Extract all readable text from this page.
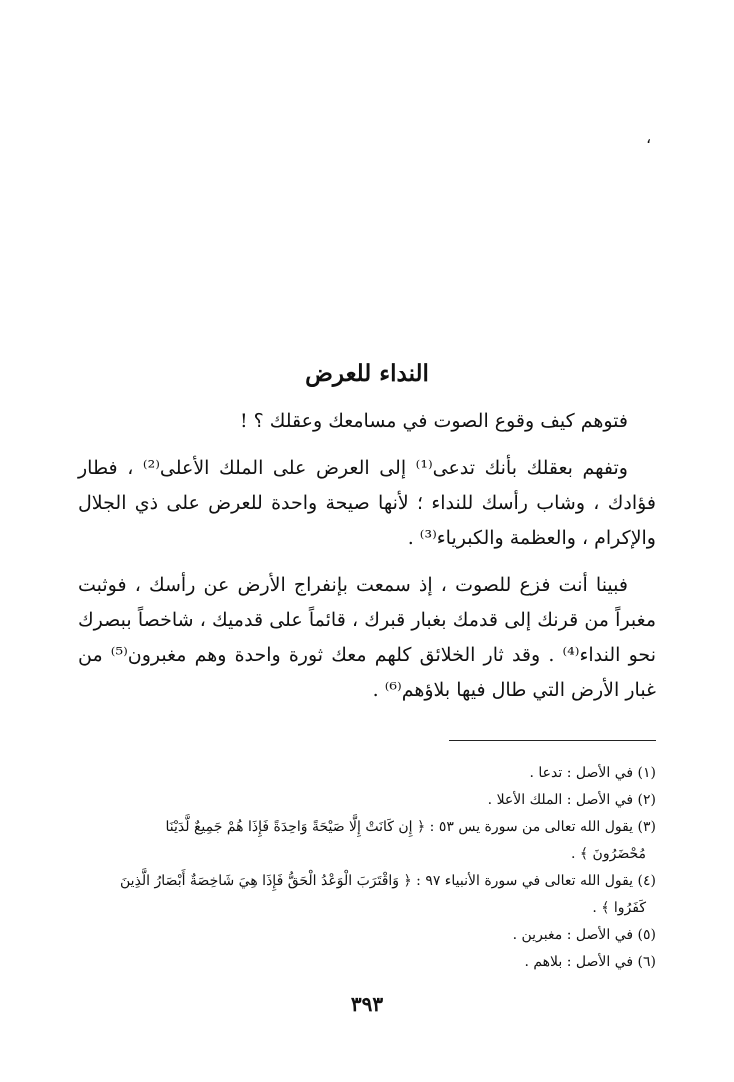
،
النداء للعرض

فتوهم كيف وقوع الصوت في مسامعك وعقلك ؟ !

وتفهم بعقلك بأنك تدعى⁽¹⁾ إلى العرض على الملك الأعلى⁽²⁾ ، فطار فؤادك ، وشاب رأسك للنداء ؛ لأنها صيحة واحدة للعرض على ذي الجلال والإكرام ، والعظمة والكبرياء⁽³⁾ .

فبينا أنت فزع للصوت ، إذ سمعت بإنفراج الأرض عن رأسك ، فوثبت مغبراً من قرنك إلى قدمك بغبار قبرك ، قائماً على قدميك ، شاخصاً ببصرك نحو النداء⁽⁴⁾ . وقد ثار الخلائق كلهم معك ثورة واحدة وهم مغبرون⁽⁵⁾ من غبار الأرض التي طال فيها بلاؤهم⁽⁶⁾ .

(١) في الأصل : تدعا .

(٢) في الأصل : الملك الأعلا .

(٣) يقول الله تعالى من سورة يس ٥٣ : ﴿ إِن كَانَتْ إِلَّا صَيْحَةً وَاحِدَةً فَإِذَا هُمْ جَمِيعٌ لَّدَيْنَا

مُحْضَرُونَ ﴾ .

(٤) يقول الله تعالى في سورة الأنبياء ٩٧ : ﴿ وَاقْتَرَبَ الْوَعْدُ الْحَقُّ فَإِذَا هِيَ شَاخِصَةٌ أَبْصَارُ الَّذِينَ

كَفَرُوا ﴾ .

(٥) في الأصل : مغبرين .

(٦) في الأصل : بلاهم .

٣٩٣
